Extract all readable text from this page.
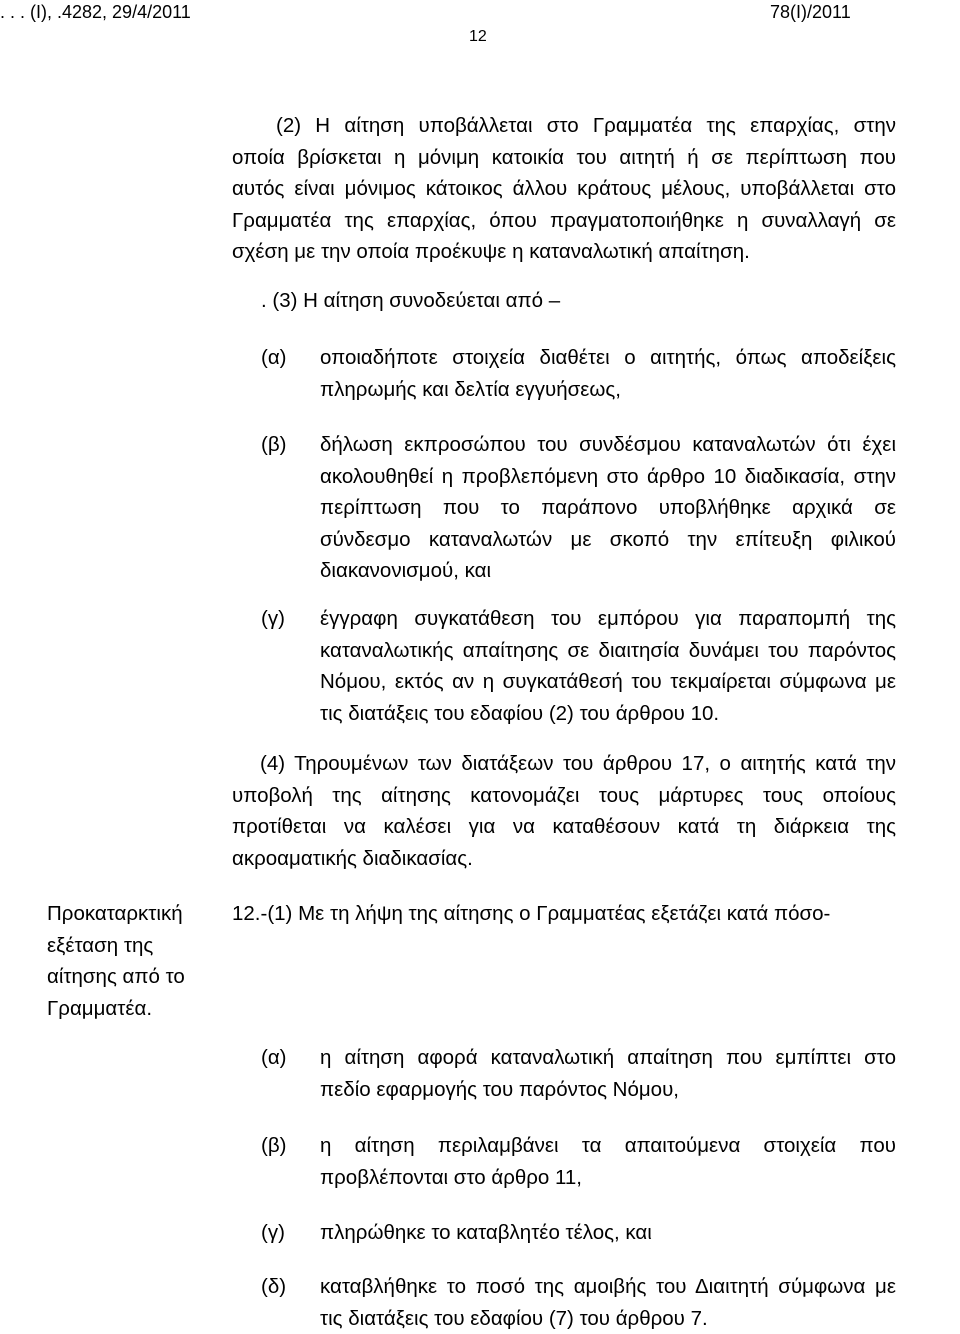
. . . (Ι), .4282, 29/4/2011	78(Ι)/2011
12
(2) Η αίτηση υποβάλλεται στο Γραμματέα της επαρχίας, στην
οποία βρίσκεται η μόνιμη κατοικία του αιτητή ή σε περίπτωση που
αυτός είναι μόνιμος κάτοικος άλλου κράτους μέλους, υποβάλλεται στο
Γραμματέα της επαρχίας, όπου πραγματοποιήθηκε η συναλλαγή σε
σχέση με την οποία προέκυψε η καταναλωτική απαίτηση.
. (3) Η αίτηση συνοδεύεται από –
(α) οποιαδήποτε στοιχεία διαθέτει ο αιτητής, όπως αποδείξεις
πληρωμής και δελτία εγγυήσεως,
(β) δήλωση εκπροσώπου του συνδέσμου καταναλωτών ότι έχει
ακολουθηθεί η προβλεπόμενη στο άρθρο 10 διαδικασία, στην
περίπτωση που το παράπονο υποβλήθηκε αρχικά σε
σύνδεσμο καταναλωτών με σκοπό την επίτευξη φιλικού
διακανονισμού, και
(γ) έγγραφη συγκατάθεση του εμπόρου για παραπομπή της
καταναλωτικής απαίτησης σε διαιτησία δυνάμει του παρόντος
Νόμου, εκτός αν η συγκατάθεσή του τεκμαίρεται σύμφωνα με
τις διατάξεις του εδαφίου (2) του άρθρου 10.
(4) Τηρουμένων των διατάξεων του άρθρου 17, ο αιτητής κατά την
υποβολή της αίτησης κατονομάζει τους μάρτυρες τους οποίους
προτίθεται να καλέσει για να καταθέσουν κατά τη διάρκεια της
ακροαματικής διαδικασίας.
Προκαταρκτική
εξέταση της
αίτησης από το
Γραμματέα.
12.-(1) Με τη λήψη της αίτησης ο Γραμματέας εξετάζει κατά πόσο-
(α) η αίτηση αφορά καταναλωτική απαίτηση που εμπίπτει στο
πεδίο εφαρμογής του παρόντος Νόμου,
(β) η αίτηση περιλαμβάνει τα απαιτούμενα στοιχεία που
προβλέπονται στο άρθρο 11,
(γ) πληρώθηκε το καταβλητέο τέλος, και
(δ) καταβλήθηκε το ποσό της αμοιβής του Διαιτητή σύμφωνα με
τις διατάξεις του εδαφίου (7) του άρθρου 7.
